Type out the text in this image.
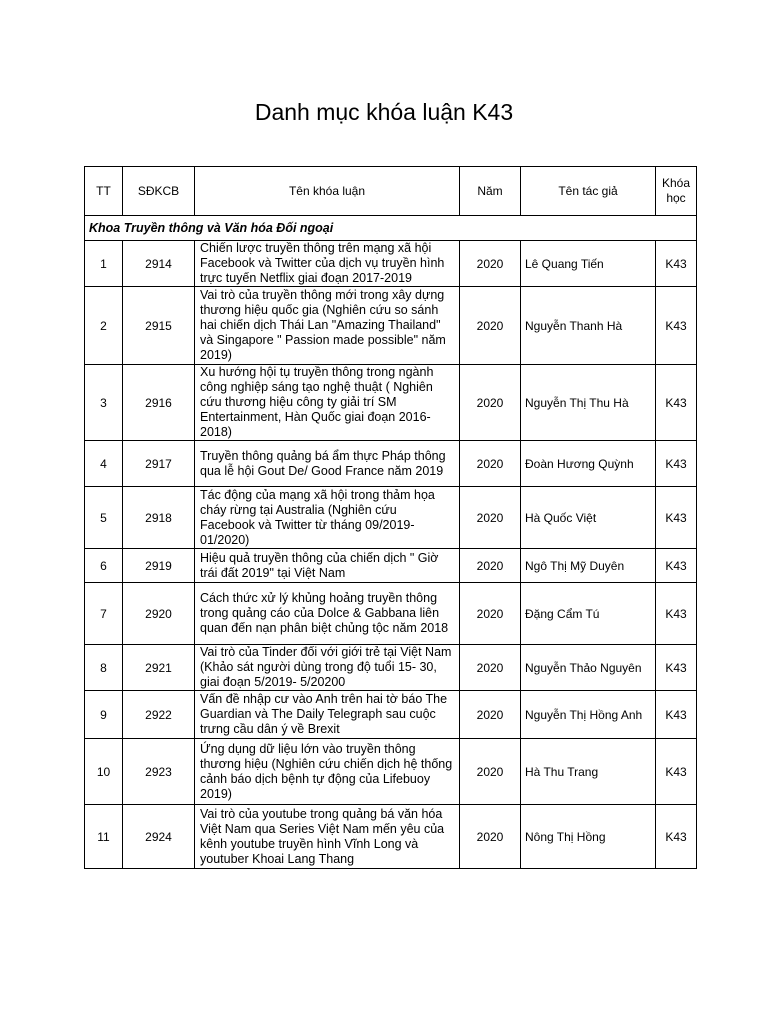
Danh mục khóa luận K43
TT	SĐKCB	Tên khóa luận	Năm	Tên tác giả	Khóa học
Khoa Truyền thông và Văn hóa Đối ngoại					
1	2914	Chiến lược truyền thông trên mạng xã hội Facebook và Twitter của dịch vụ truyền hình trực tuyến Netflix giai đoạn 2017-2019	2020	Lê Quang Tiến	K43
2	2915	Vai trò của truyền thông mới trong xây dựng thương hiệu quốc gia (Nghiên cứu so sánh hai chiến dịch Thái Lan "Amazing Thailand" và Singapore " Passion made possible" năm 2019)	2020	Nguyễn Thanh Hà	K43
3	2916	Xu hướng hội tụ truyền thông trong ngành công nghiệp sáng tạo nghệ thuật ( Nghiên cứu thương hiệu công ty giải trí SM Entertainment, Hàn Quốc giai đoạn 2016-2018)	2020	Nguyễn Thị Thu Hà	K43
4	2917	Truyền thông quảng bá ẩm thực Pháp thông qua lễ hội Gout De/ Good France năm 2019	2020	Đoàn Hương Quỳnh	K43
5	2918	Tác động của mạng xã hội trong thảm họa cháy rừng tại Australia (Nghiên cứu Facebook và Twitter từ tháng 09/2019-01/2020)	2020	Hà Quốc Việt	K43
6	2919	Hiệu quả truyền thông của chiến dịch " Giờ trái đất 2019" tại Việt Nam	2020	Ngô Thị Mỹ Duyên	K43
7	2920	Cách thức xử lý khủng hoảng truyền thông trong quảng cáo của Dolce & Gabbana liên quan đến nạn phân biệt chủng tộc năm 2018	2020	Đặng Cẩm Tú	K43
8	2921	Vai trò của Tinder đối với giới trẻ tại Việt Nam (Khảo sát người dùng trong độ tuổi 15- 30, giai đoạn 5/2019- 5/20200	2020	Nguyễn Thảo Nguyên	K43
9	2922	Vấn đề nhập cư vào Anh trên hai tờ báo The Guardian và The Daily Telegraph sau cuộc trưng cầu dân ý về Brexit	2020	Nguyễn Thị Hồng Anh	K43
10	2923	Ứng dụng dữ liệu lớn vào truyền thông thương hiệu (Nghiên cứu chiến dịch hệ thống cảnh báo dịch bệnh tự động của Lifebuoy 2019)	2020	Hà Thu Trang	K43
11	2924	Vai trò của youtube trong quảng bá văn hóa Việt Nam qua Series Việt Nam mến yêu của kênh youtube truyền hình Vĩnh Long và youtuber Khoai Lang Thang	2020	Nông Thị Hồng	K43
